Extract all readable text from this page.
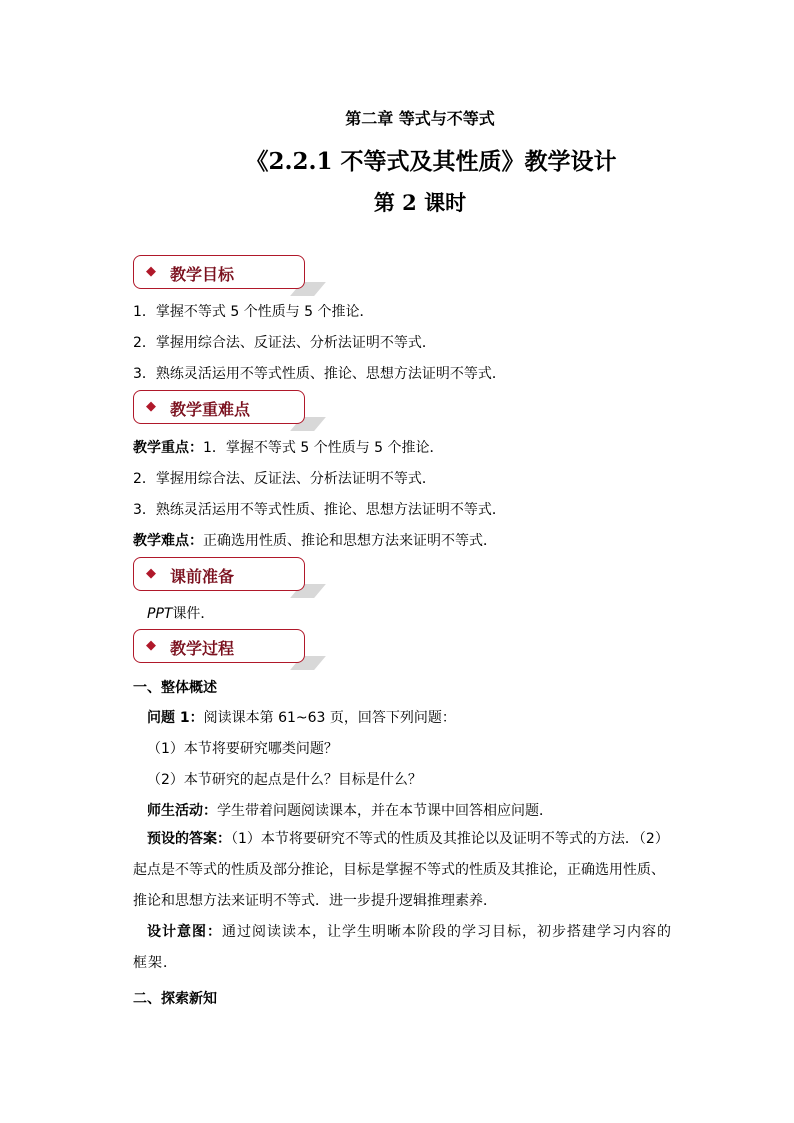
第二章 等式与不等式
《2.2.1 不等式及其性质》教学设计
第 2 课时
◆ 教学目标
1．掌握不等式 5 个性质与 5 个推论．
2．掌握用综合法、反证法、分析法证明不等式．
3．熟练灵活运用不等式性质、推论、思想方法证明不等式．
◆ 教学重难点
教学重点：1．掌握不等式 5 个性质与 5 个推论．
2．掌握用综合法、反证法、分析法证明不等式．
3．熟练灵活运用不等式性质、推论、思想方法证明不等式．
教学难点：正确选用性质、推论和思想方法来证明不等式．
◆ 课前准备
PPT课件．
◆ 教学过程
一、整体概述
问题 1：阅读课本第 61~63 页，回答下列问题：
（1）本节将要研究哪类问题？
（2）本节研究的起点是什么？目标是什么？
师生活动：学生带着问题阅读课本，并在本节课中回答相应问题．
预设的答案：（1）本节将要研究不等式的性质及其推论以及证明不等式的方法．（2）起点是不等式的性质及部分推论，目标是掌握不等式的性质及其推论，正确选用性质、推论和思想方法来证明不等式．进一步提升逻辑推理素养．
设计意图：通过阅读读本，让学生明晰本阶段的学习目标，初步搭建学习内容的框架．
二、探索新知
